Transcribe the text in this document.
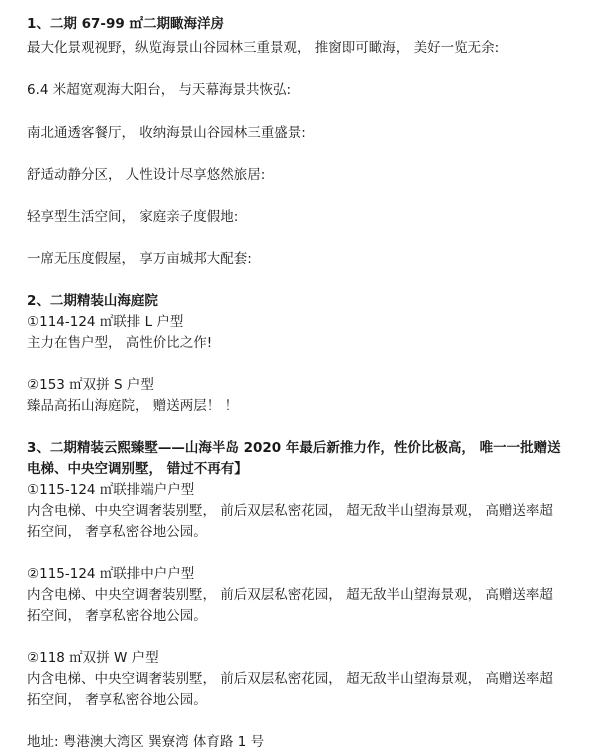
1、二期 67-99 ㎡二期瞰海洋房
最大化景观视野，纵览海景山谷园林三重景观， 推窗即可瞰海， 美好一览无余:
6.4 米超宽观海大阳台， 与天幕海景共恢弘:
南北通透客餐厅， 收纳海景山谷园林三重盛景:
舒适动静分区， 人性设计尽享悠然旅居:
轻享型生活空间， 家庭亲子度假地:
一席无压度假屋， 享万亩城邦大配套:
2、二期精装山海庭院
①114-124 ㎡联排 L 户型
主力在售户型， 高性价比之作!
②153 ㎡双拼 S 户型
臻品高拓山海庭院， 赠送两层！ ！
3、二期精装云熙臻墅——山海半岛 2020 年最后新推力作，性价比极高， 唯一一批赠送
电梯、中央空调别墅， 错过不再有】
①115-124 ㎡联排端户户型
内含电梯、中央空调奢装别墅， 前后双层私密花园， 超无敌半山望海景观， 高赠送率超
拓空间， 奢享私密谷地公园。
②115-124 ㎡联排中户户型
内含电梯、中央空调奢装别墅， 前后双层私密花园， 超无敌半山望海景观， 高赠送率超
拓空间， 奢享私密谷地公园。
②118 ㎡双拼 W 户型
内含电梯、中央空调奢装别墅， 前后双层私密花园， 超无敌半山望海景观， 高赠送率超
拓空间， 奢享私密谷地公园。
地址: 粤港澳大湾区 巽寮湾 体育路 1 号
